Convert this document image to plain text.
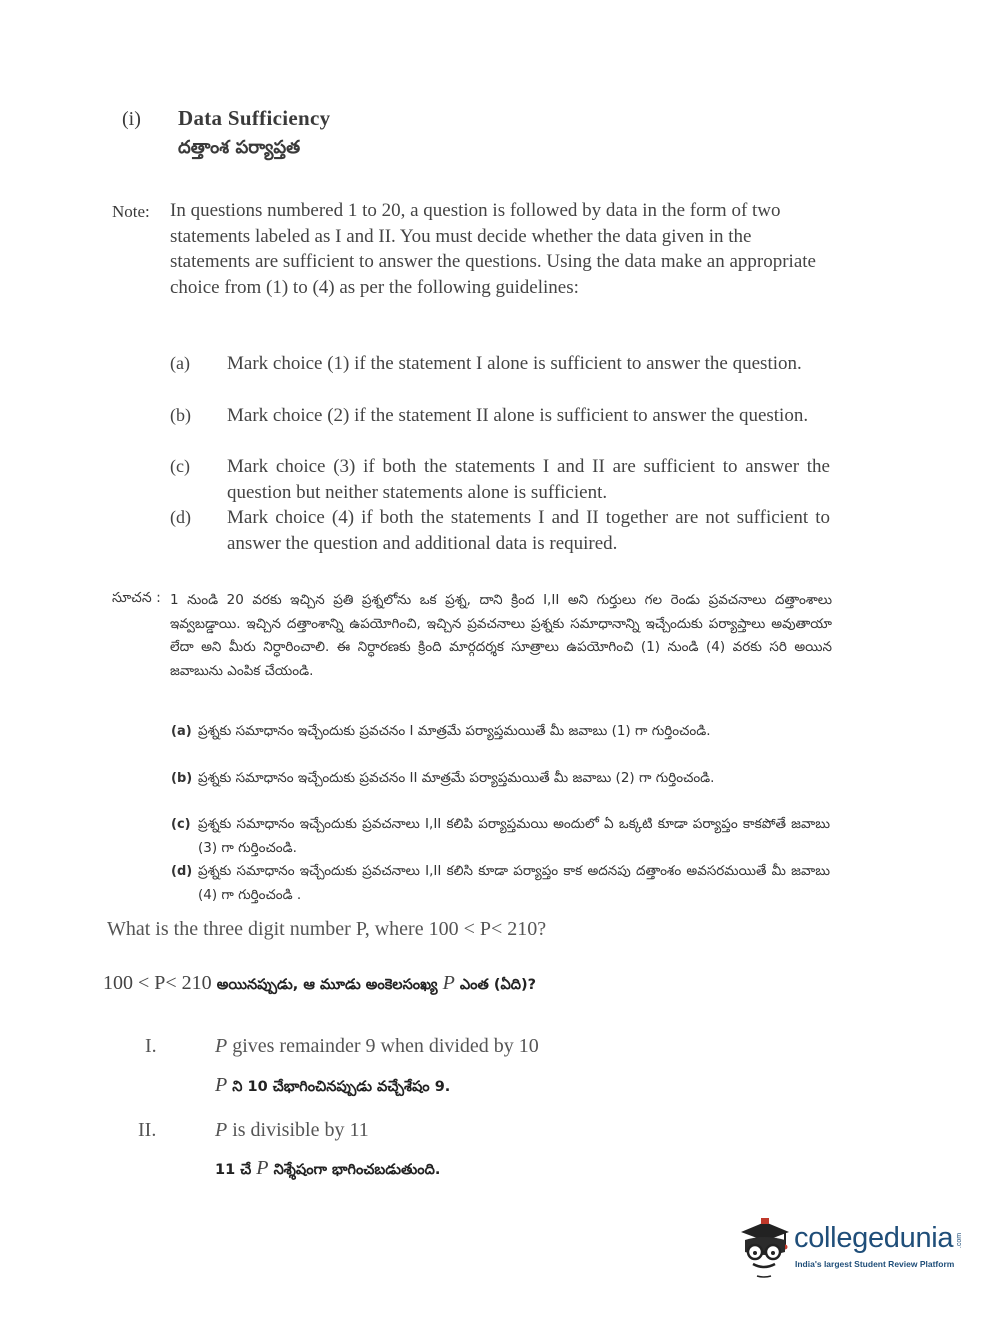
(i) Data Sufficiency
దత్తాంశ పర్యాప్తత
Note: In questions numbered 1 to 20, a question is followed by data in the form of two statements labeled as I and II. You must decide whether the data given in the statements are sufficient to answer the questions. Using the data make an appropriate choice from (1) to (4) as per the following guidelines:
(a) Mark choice (1) if the statement I alone is sufficient to answer the question.
(b) Mark choice (2) if the statement II alone is sufficient to answer the question.
(c) Mark choice (3) if both the statements I and II are sufficient to answer the question but neither statements alone is sufficient.
(d) Mark choice (4) if both the statements I and II together are not sufficient to answer the question and additional data is required.
సూచన : 1 నుండి 20 వరకు ఇచ్చిన ప్రతి ప్రశ్నలోను ఒక ప్రశ్న, దాని క్రింద I,II అని గుర్తులు గల రెండు ప్రవచనాలు దత్తాంశాలు ఇవ్వబడ్డాయి. ఇచ్చిన దత్తాంశాన్ని ఉపయోగించి, ఇచ్చిన ప్రవచనాలు ప్రశ్నకు సమాధానాన్ని ఇచ్చేందుకు పర్యాప్తాలు అవుతాయా లేదా అని మీరు నిర్ధారించాలి. ఈ నిర్ధారణకు క్రింది మార్గదర్శక సూత్రాలు ఉపయోగించి (1) నుండి (4) వరకు సరి అయిన జవాబును ఎంపిక చేయండి.
(a) ప్రశ్నకు సమాధానం ఇచ్చేందుకు ప్రవచనం I మాత్రమే పర్యాప్తమయితే మీ జవాబు (1) గా గుర్తించండి.
(b) ప్రశ్నకు సమాధానం ఇచ్చేందుకు ప్రవచనం II మాత్రమే పర్యాప్తమయితే మీ జవాబు (2) గా గుర్తించండి.
(c) ప్రశ్నకు సమాధానం ఇచ్చేందుకు ప్రవచనాలు I,II కలిపి పర్యాప్తమయి అందులో ఏ ఒక్కటి కూడా పర్యాప్తం కాకపోతే జవాబు (3) గా గుర్తించండి.
(d) ప్రశ్నకు సమాధానం ఇచ్చేందుకు ప్రవచనాలు I,II కలిసి కూడా పర్యాప్తం కాక అదనపు దత్తాంశం అవసరమయితే మీ జవాబు (4) గా గుర్తించండి .
What is the three digit number P, where 100 < P< 210?
100 < P< 210 అయినప్పుడు, ఆ మూడు అంకెలసంఖ్య P ఎంత (ఏది)?
I.	P gives remainder 9 when divided by 10
P ని 10 చేభాగించినప్పుడు వచ్చేశేషం 9.
II.	P is divisible by 11
11 చే P నిశ్శేషంగా భాగించబడుతుంది.
collegedunia .com
India's largest Student Review Platform
